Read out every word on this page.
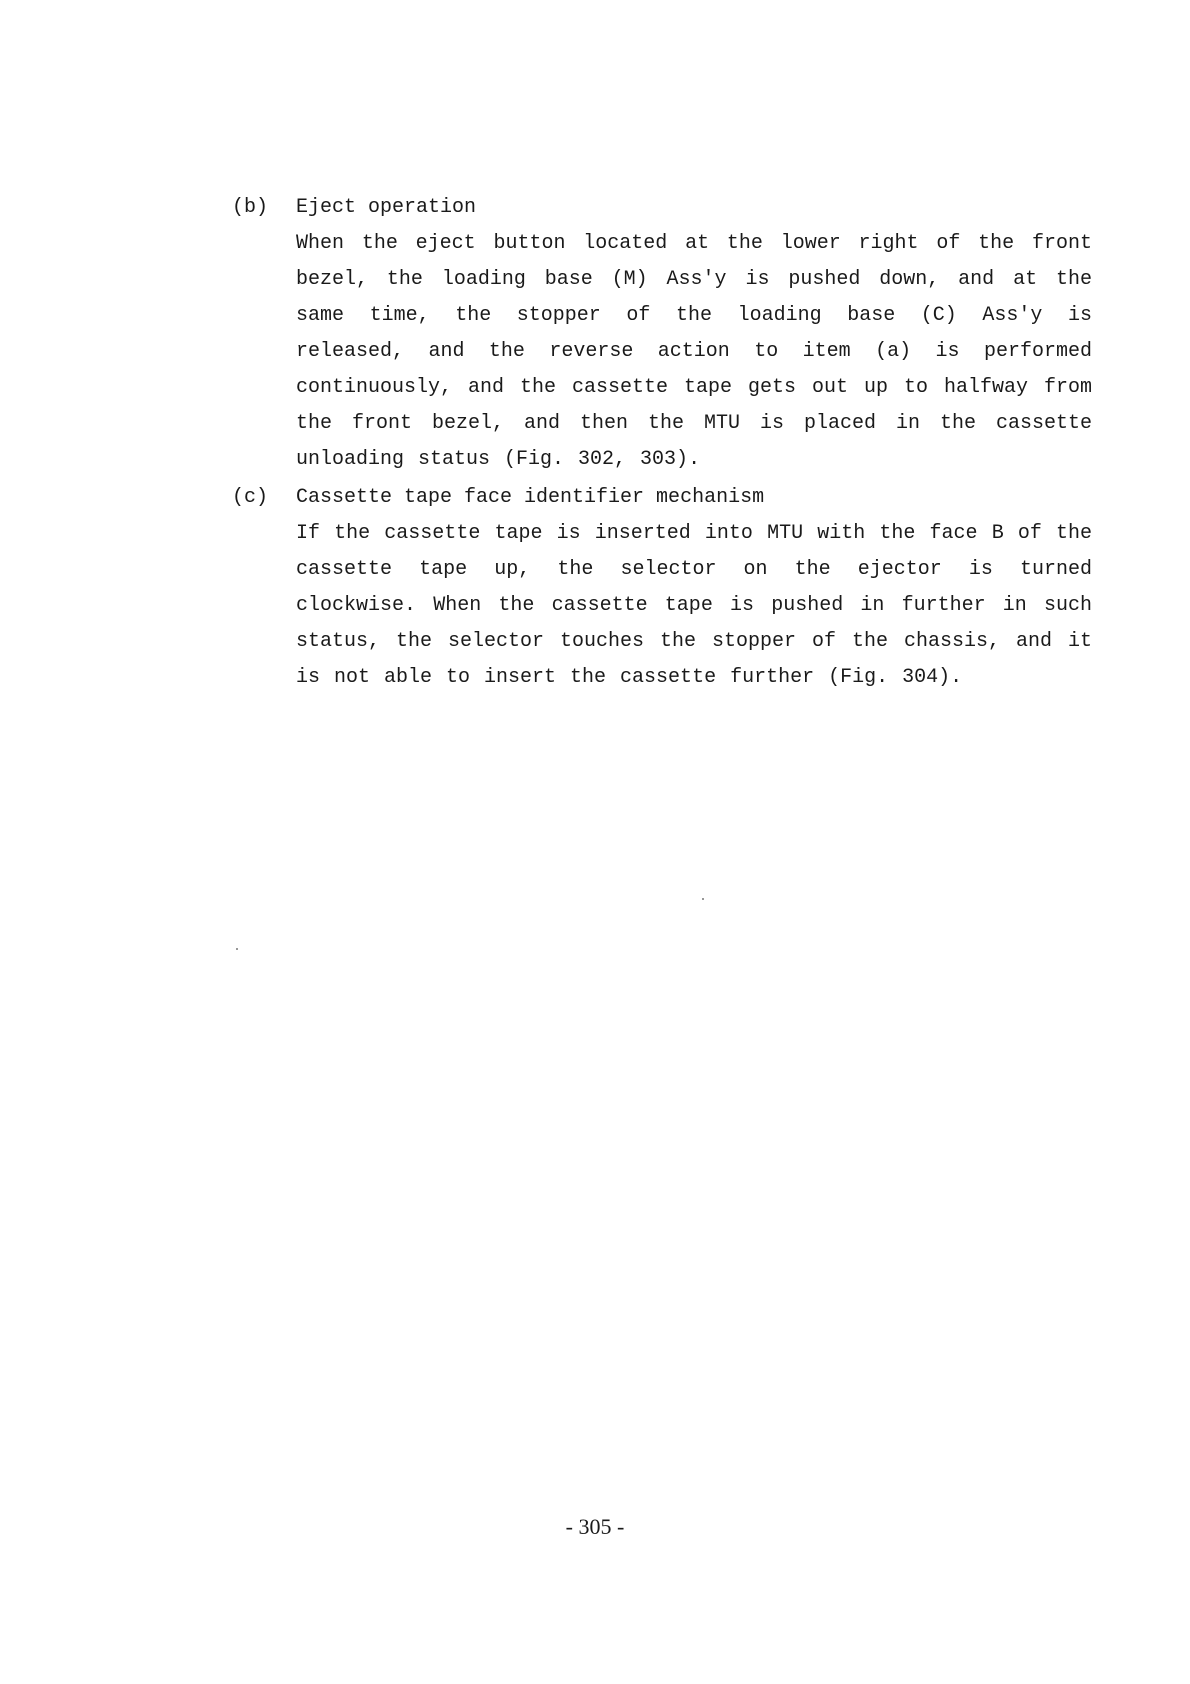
(b)	Eject operation
When the eject button located at the lower right of the front bezel, the loading base (M) Ass'y is pushed down, and at the same time, the stopper of the loading base (C) Ass'y is released, and the reverse action to item (a) is performed continuously, and the cassette tape gets out up to halfway from the front bezel, and then the MTU is placed in the cassette unloading status (Fig. 302, 303).
(c)	Cassette tape face identifier mechanism
If the cassette tape is inserted into MTU with the face B of the cassette tape up, the selector on the ejector is turned clockwise. When the cassette tape is pushed in further in such status, the selector touches the stopper of the chassis, and it is not able to insert the cassette further (Fig. 304).
- 305 -
